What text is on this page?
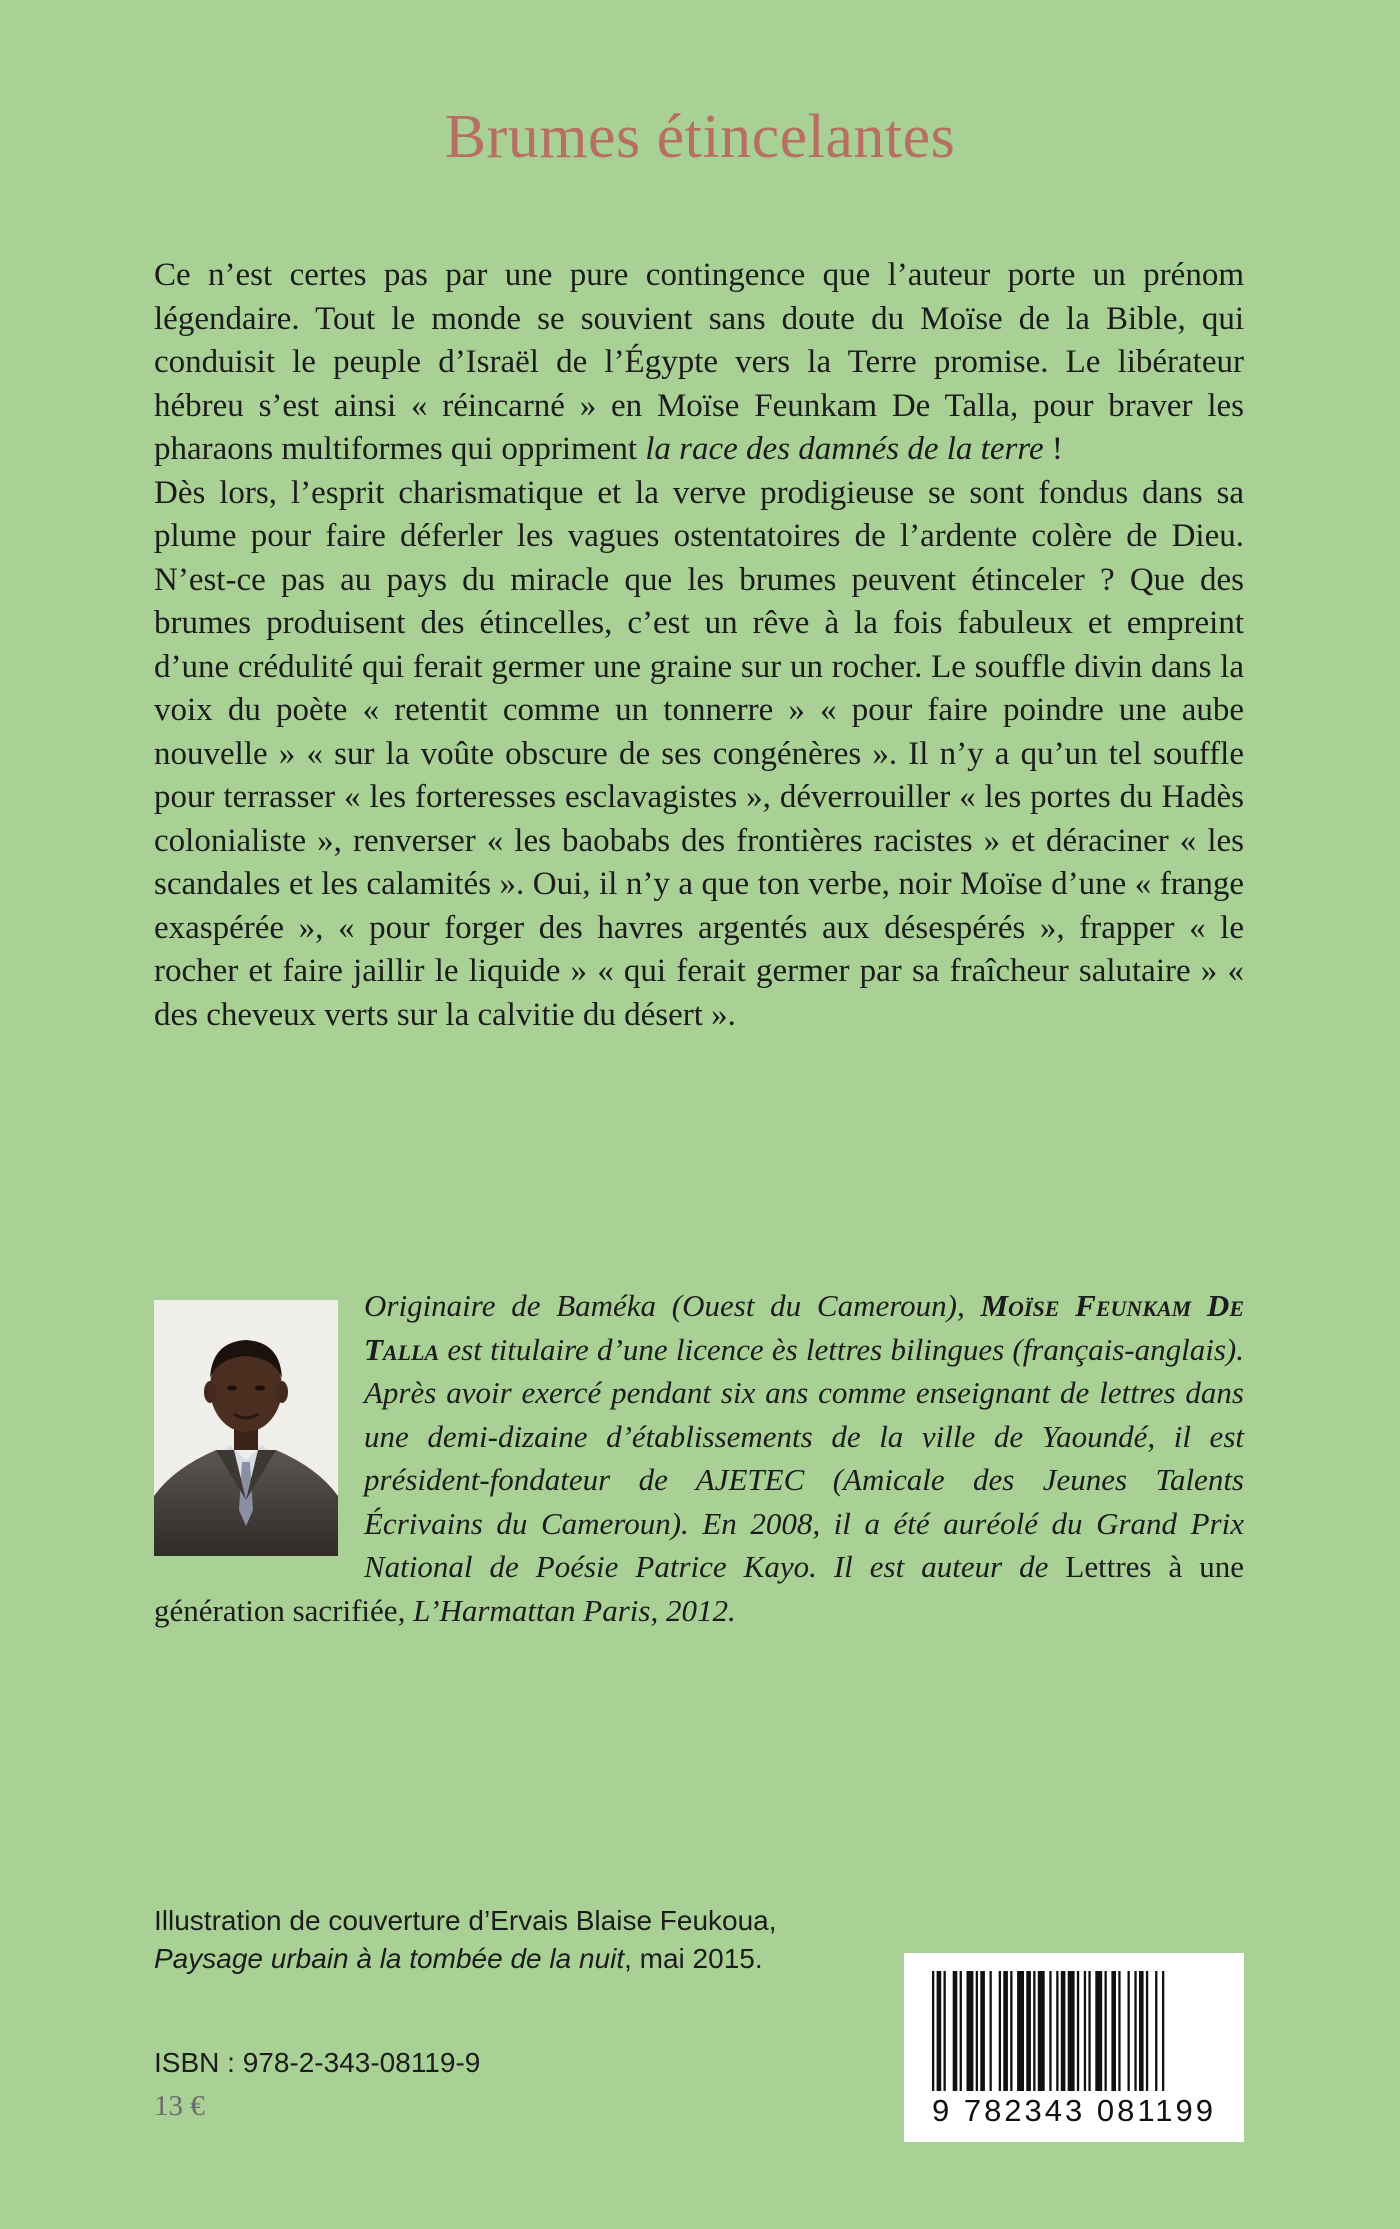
Brumes étincelantes

Ce n’est certes pas par une pure contingence que l’auteur porte un prénom légendaire. Tout le monde se souvient sans doute du Moïse de la Bible, qui conduisit le peuple d’Israël de l’Égypte vers la Terre promise. Le libérateur hébreu s’est ainsi « réincarné » en Moïse Feunkam De Talla, pour braver les pharaons multiformes qui oppriment la race des damnés de la terre !

Dès lors, l’esprit charismatique et la verve prodigieuse se sont fondus dans sa plume pour faire déferler les vagues ostentatoires de l’ardente colère de Dieu. N’est-ce pas au pays du miracle que les brumes peuvent étinceler ? Que des brumes produisent des étincelles, c’est un rêve à la fois fabuleux et empreint d’une crédulité qui ferait germer une graine sur un rocher. Le souffle divin dans la voix du poète « retentit comme un tonnerre » « pour faire poindre une aube nouvelle » « sur la voûte obscure de ses congénères ». Il n’y a qu’un tel souffle pour terrasser « les forteresses esclavagistes », déverrouiller « les portes du Hadès colonialiste », renverser « les baobabs des frontières racistes » et déraciner « les scandales et les calamités ». Oui, il n’y a que ton verbe, noir Moïse d’une « frange exaspérée », « pour forger des havres argentés aux désespérés », frapper « le rocher et faire jaillir le liquide » « qui ferait germer par sa fraîcheur salutaire » « des cheveux verts sur la calvitie du désert ».

Originaire de Baméka (Ouest du Cameroun), Moïse Feunkam De Talla est titulaire d’une licence ès lettres bilingues (français-anglais). Après avoir exercé pendant six ans comme enseignant de lettres dans une demi-dizaine d’établissements de la ville de Yaoundé, il est président-fondateur de AJETEC (Amicale des Jeunes Talents Écrivains du Cameroun). En 2008, il a été auréolé du Grand Prix National de Poésie Patrice Kayo. Il est auteur de Lettres à une génération sacrifiée, L’Harmattan Paris, 2012.
Illustration de couverture d’Ervais Blaise Feukoua,
Paysage urbain à la tombée de la nuit, mai 2015.
ISBN : 978-2-343-08119-9
13 €	9 782343 081199
